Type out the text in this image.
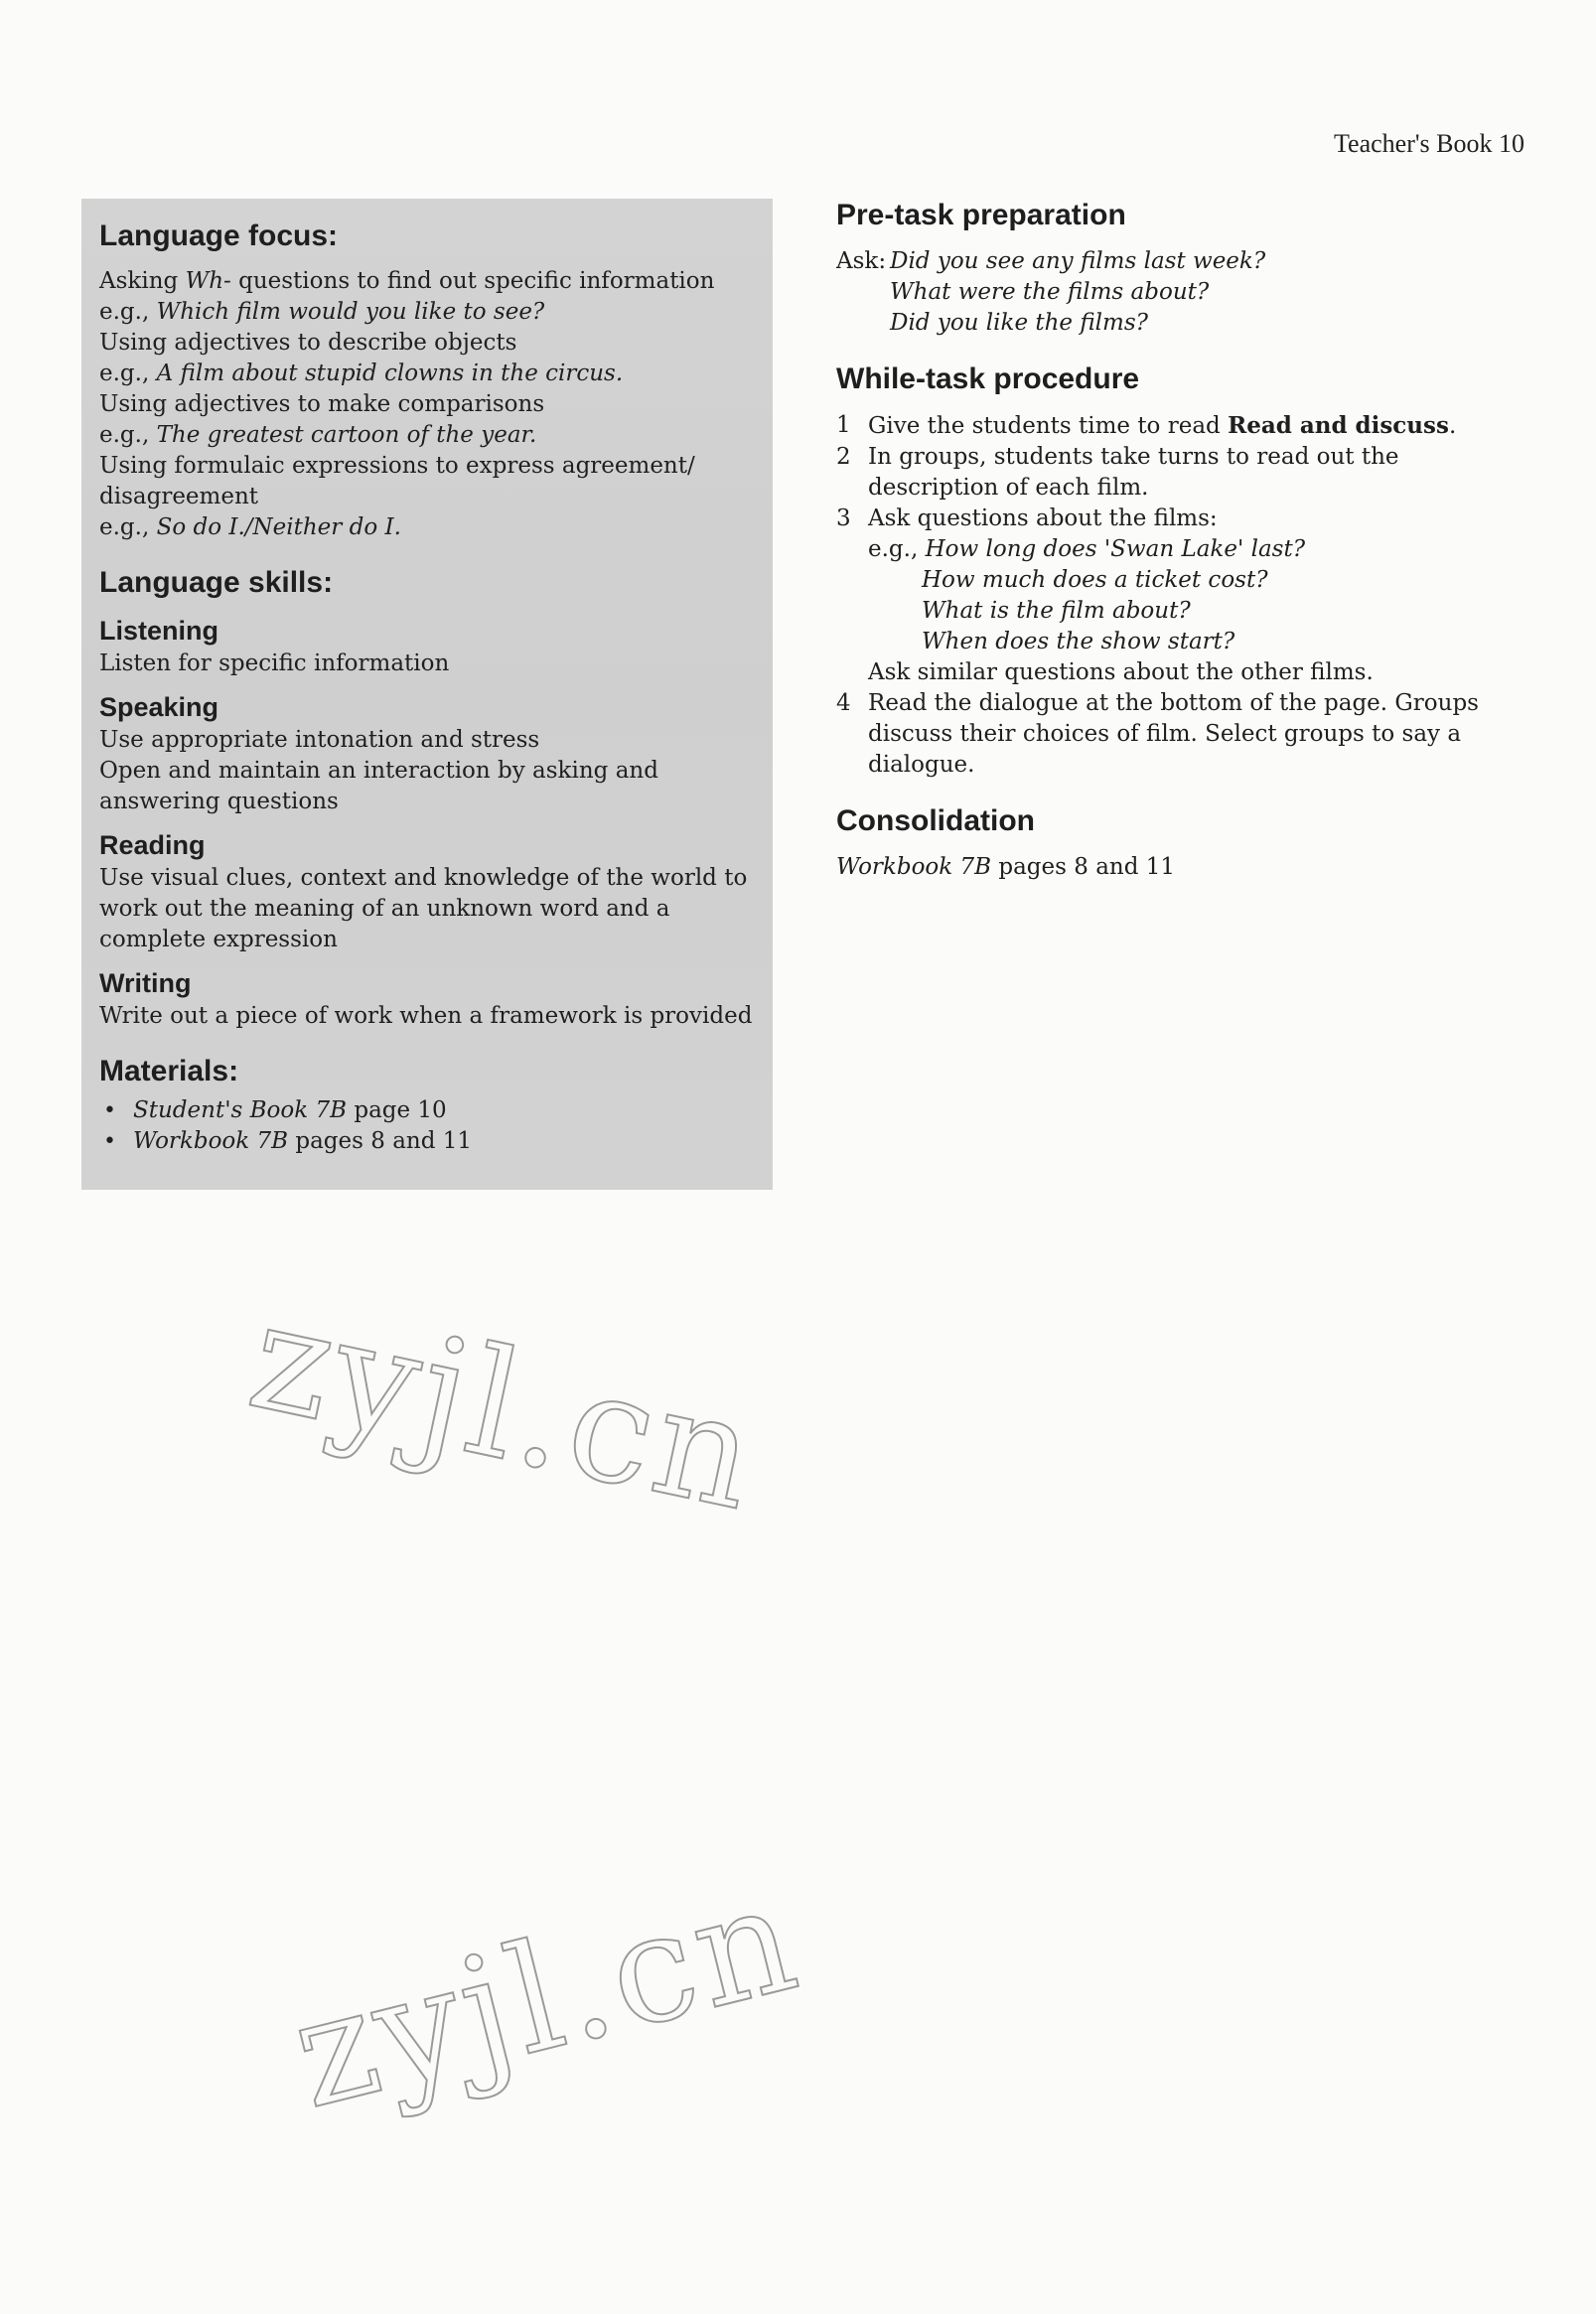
Teacher's Book 10
Language focus:
Asking Wh- questions to find out specific information
e.g., Which film would you like to see?
Using adjectives to describe objects
e.g., A film about stupid clowns in the circus.
Using adjectives to make comparisons
e.g., The greatest cartoon of the year.
Using formulaic expressions to express agreement/
disagreement
e.g., So do I./Neither do I.
Language skills:
Listening
Listen for specific information
Speaking
Use appropriate intonation and stress
Open and maintain an interaction by asking and
answering questions
Reading
Use visual clues, context and knowledge of the world to
work out the meaning of an unknown word and a
complete expression
Writing
Write out a piece of work when a framework is provided
Materials:
• Student's Book 7B page 10
• Workbook 7B pages 8 and 11
Pre-task preparation
Ask: Did you see any films last week?
What were the films about?
Did you like the films?
While-task procedure
1 Give the students time to read Read and discuss.
2 In groups, students take turns to read out the description of each film.
3 Ask questions about the films:
e.g., How long does 'Swan Lake' last?
How much does a ticket cost?
What is the film about?
When does the show start?
Ask similar questions about the other films.
4 Read the dialogue at the bottom of the page. Groups discuss their choices of film. Select groups to say a dialogue.
Consolidation
Workbook 7B pages 8 and 11
zyjl.cn
zyjl.cn
